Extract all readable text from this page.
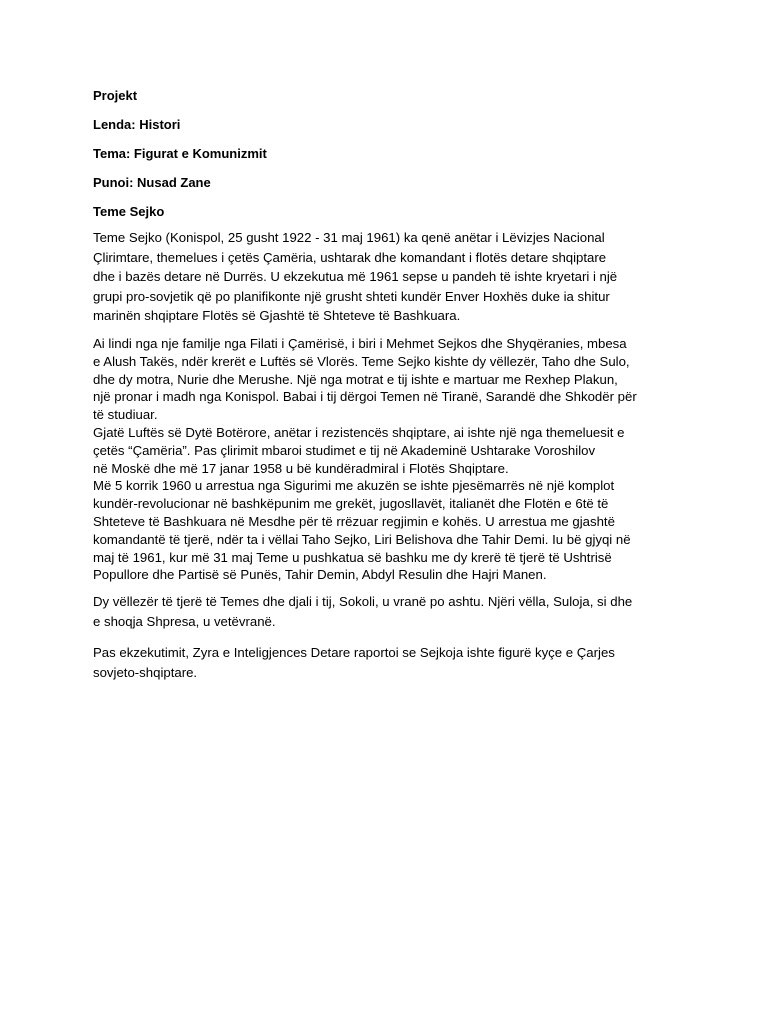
Projekt
Lenda: Histori
Tema: Figurat e Komunizmit
Punoi: Nusad Zane
Teme Sejko
Teme Sejko (Konispol, 25 gusht 1922 - 31 maj 1961) ka qenë anëtar i Lëvizjes Nacional
Çlirimtare, themelues i çetës Çamëria, ushtarak dhe komandant i flotës detare shqiptare
dhe i bazës detare në Durrës. U ekzekutua më 1961 sepse u pandeh të ishte kryetari i një
grupi pro-sovjetik që po planifikonte një grusht shteti kundër Enver Hoxhës duke ia shitur
marinën shqiptare Flotës së Gjashtë të Shteteve të Bashkuara.
Ai lindi nga nje familje nga Filati i Çamërisë, i biri i Mehmet Sejkos dhe Shyqëranies, mbesa
e Alush Takës, ndër krerët e Luftës së Vlorës. Teme Sejko kishte dy vëllezër, Taho dhe Sulo,
dhe dy motra, Nurie dhe Merushe. Një nga motrat e tij ishte e martuar me Rexhep Plakun,
një pronar i madh nga Konispol. Babai i tij dërgoi Temen në Tiranë, Sarandë dhe Shkodër për
të studiuar.
Gjatë Luftës së Dytë Botërore, anëtar i rezistencës shqiptare, ai ishte një nga themeluesit e
çetës “Çamëria”. Pas çlirimit mbaroi studimet e tij në Akademinë Ushtarake Voroshilov
në Moskë dhe më 17 janar 1958 u bë kundëradmiral i Flotës Shqiptare.
Më 5 korrik 1960 u arrestua nga Sigurimi me akuzën se ishte pjesëmarrës në një komplot
kundër-revolucionar në bashkëpunim me grekët, jugosllavët, italianët dhe Flotën e 6të të
Shteteve të Bashkuara në Mesdhe për të rrëzuar regjimin e kohës. U arrestua me gjashtë
komandantë të tjerë, ndër ta i vëllai Taho Sejko, Liri Belishova dhe Tahir Demi. Iu bë gjyqi në
maj të 1961, kur më 31 maj Teme u pushkatua së bashku me dy krerë të tjerë të Ushtrisë
Popullore dhe Partisë së Punës, Tahir Demin, Abdyl Resulin dhe Hajri Manen.
Dy vëllezër të tjerë të Temes dhe djali i tij, Sokoli, u vranë po ashtu. Njëri vëlla, Suloja, si dhe
e shoqja Shpresa, u vetëvranë.
Pas ekzekutimit, Zyra e Inteligjences Detare raportoi se Sejkoja ishte figurë kyçe e Çarjes
sovjeto-shqiptare.
